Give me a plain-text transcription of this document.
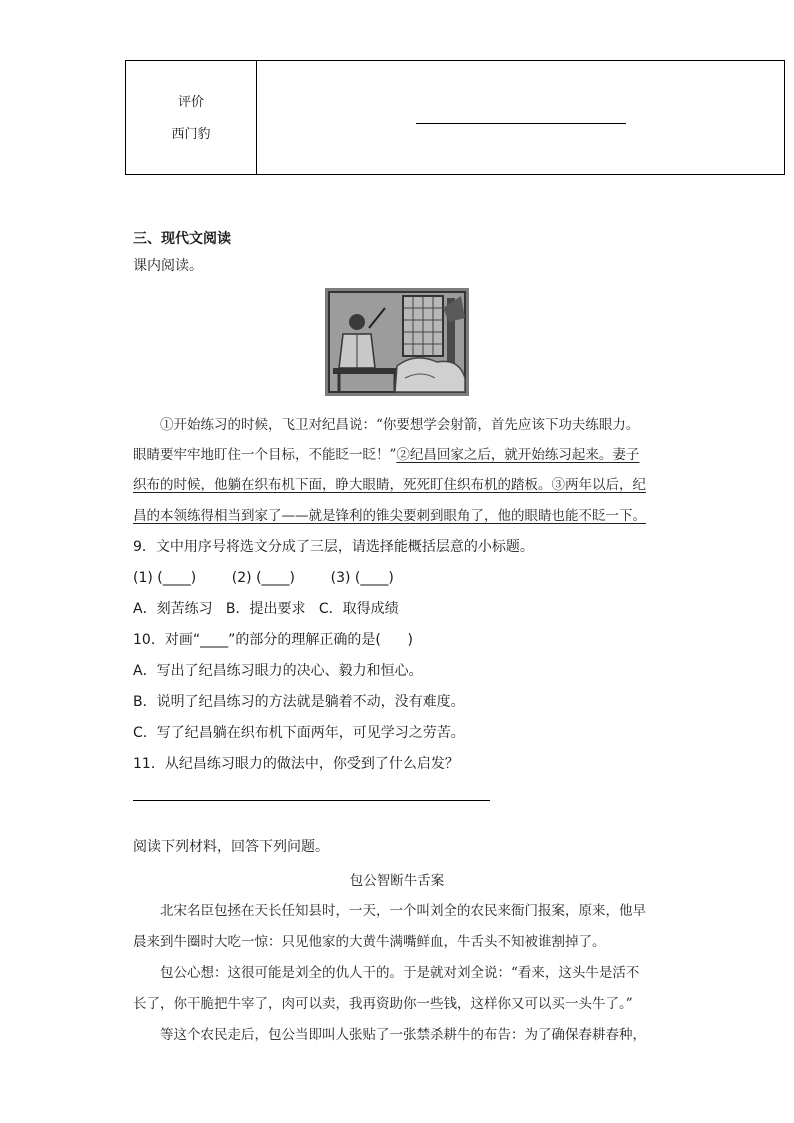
评价
西门豹
三、现代文阅读
课内阅读。
①开始练习的时候，飞卫对纪昌说：“你要想学会射箭，首先应该下功夫练眼力。
眼睛要牢牢地盯住一个目标，不能眨一眨！”②纪昌回家之后，就开始练习起来。妻子
织布的时候，他躺在织布机下面，睁大眼睛，死死盯住织布机的踏板。③两年以后，纪
昌的本领练得相当到家了——就是锋利的锥尖要刺到眼角了，他的眼睛也能不眨一下。
9．文中用序号将选文分成了三层，请选择能概括层意的小标题。
(1) (____)        (2) (____)        (3) (____)
A．刻苦练习   B．提出要求   C．取得成绩
10．对画“____”的部分的理解正确的是(      )
A．写出了纪昌练习眼力的决心、毅力和恒心。
B．说明了纪昌练习的方法就是躺着不动，没有难度。
C．写了纪昌躺在织布机下面两年，可见学习之劳苦。
11．从纪昌练习眼力的做法中，你受到了什么启发？
阅读下列材料，回答下列问题。
包公智断牛舌案
北宋名臣包拯在天长任知县时，一天，一个叫刘全的农民来衙门报案，原来，他早
晨来到牛圈时大吃一惊：只见他家的大黄牛满嘴鲜血，牛舌头不知被谁割掉了。
包公心想：这很可能是刘全的仇人干的。于是就对刘全说：“看来，这头牛是活不
长了，你干脆把牛宰了，肉可以卖，我再资助你一些钱，这样你又可以买一头牛了。”
等这个农民走后，包公当即叫人张贴了一张禁杀耕牛的布告：为了确保春耕春种，
